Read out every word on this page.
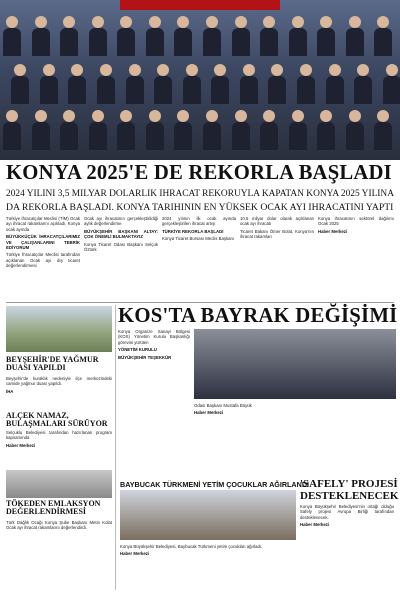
KONYA 2025'E DE REKORLA BAŞLADI
2024 YILINI 3,5 MILYAR DOLARLIK IHRACAT REKORUYLA KAPATAN KONYA 2025 YILINA
DA REKORLA BAŞLADI. KONYA TARIHININ EN YÜKSEK OCAK AYI IHRACATINI YAPTI

Türkiye İhracatçılar Meclisi (TİM) Ocak ayı ihracat rakamlarını açıkladı. Konya ocak ayında

BÜYÜKKÜÇÜK İHRACATÇILARIMIZ VE ÇALIŞANLARINI TEBRİK EDİYORUM

Türkiye İhracatçılar Meclisi tarafından açıklanan Ocak ayı dış ticaret değerlendirmesi

Ocak ayı ihracatının gerçekleştirildiği aylık değerlendirme

BÜYÜKŞEHİR BAŞKANI ALTAY: ÇOK ÖNEMLİ BULMAKTAYIZ

Konya Ticaret Odası Başkanı Selçuk Öztürk

2024 yılının ilk ocak ayında gerçekleştirilen ihracat artışı

TÜRKİYE REKORLA BAŞLADI

Konya Ticaret Borsası Meclis Başkanı

10,5 milyar dolar olarak açıklanan ocak ayı ihracatı

Ticaret Bakanı Ömer Bolat, Konya'nın ihracat rakamları

Konya ihracatının sektörel dağılımı Ocak 2025

Haber Merkezi

BEYŞEHİR'DE YAĞMUR DUASI YAPILDI

Beyşehir'de kuraklık nedeniyle ilçe merkezindeki camide yağmur duası yapıldı.

İHA

ALÇEK NAMAZ, BULAŞMALARI SÜRÜYOR

Selçuklu Belediyesi tarafından hazırlanan program kapsamında

Haber Merkezi

TÖKEDEN EMLAKSYON DEĞERLENDİRMESİ

Türk Dağlık Ocağı Konya Şube Başkanı Metin Kolat Ocak ayı ihracat rakamlarını değerlendirdi.

KOS'TA BAYRAK DEĞİŞİMİ

Konya Organize Sanayi Bölgesi (KOS) Yönetim Kurulu Başkanlığı görevini yürüten

YÖNETİM KURULU

BÜYÜKŞEHİR TEŞEKKÜR

Odası Başkanı Mustafa Büyük

Haber Merkezi

BAYBUCAK TÜRKMENİ YETİM ÇOCUKLAR AĞIRLANDI

Konya Büyükşehir Belediyesi, Baybucak Türkmeni yetim çocukları ağırladı.

Haber Merkezi

'SAFELY' PROJESİ DESTEKLENECEK

Konya Büyükşehir Belediyesi'nin ortağı olduğu Safely projesi Avrupa Birliği tarafından desteklenecek.

Haber Merkezi
